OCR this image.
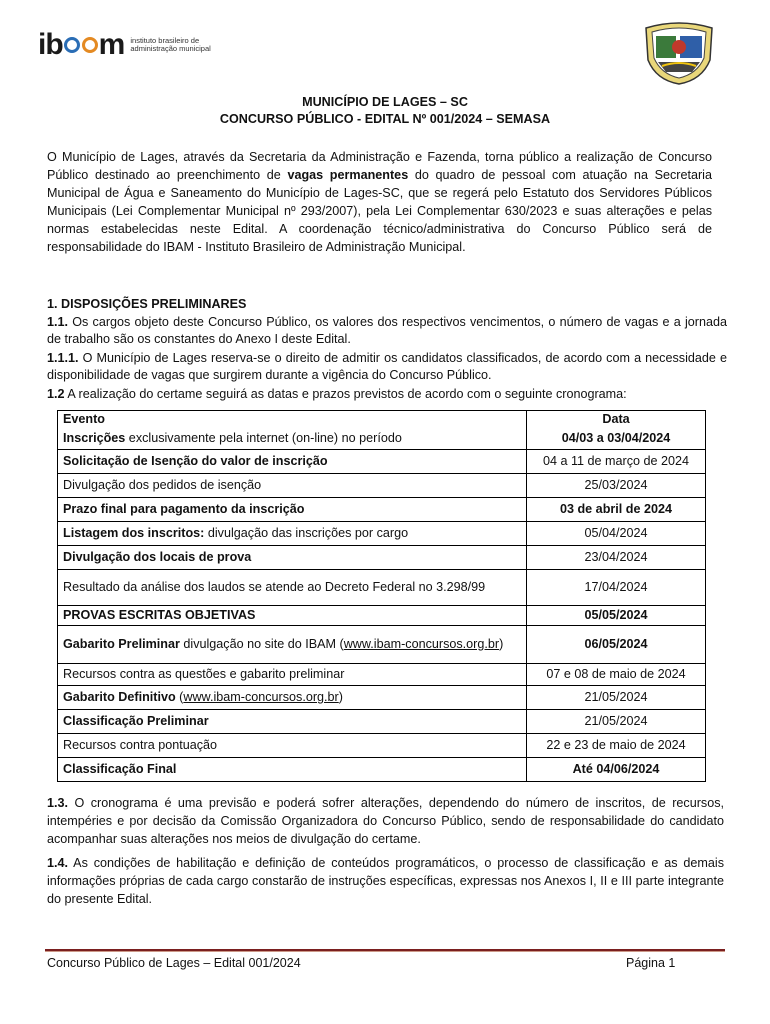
i b m instituto brasileiro de
administração municipal
MUNICÍPIO DE LAGES – SC
CONCURSO PÚBLICO - EDITAL Nº 001/2024 – SEMASA

O Município de Lages, através da Secretaria da Administração e Fazenda, torna público a realização de Concurso Público destinado ao preenchimento de vagas permanentes do quadro de pessoal com atuação na Secretaria Municipal de Água e Saneamento do Município de Lages-SC, que se regerá pelo Estatuto dos Servidores Públicos Municipais (Lei Complementar Municipal nº 293/2007), pela Lei Complementar 630/2023 e suas alterações e pelas normas estabelecidas neste Edital. A coordenação técnico/administrativa do Concurso Público será de responsabilidade do IBAM - Instituto Brasileiro de Administração Municipal.

1. DISPOSIÇÕES PRELIMINARES

1.1. Os cargos objeto deste Concurso Público, os valores dos respectivos vencimentos, o número de vagas e a jornada de trabalho são os constantes do Anexo I deste Edital.

1.1.1. O Município de Lages reserva-se o direito de admitir os candidatos classificados, de acordo com a necessidade e disponibilidade de vagas que surgirem durante a vigência do Concurso Público.

1.2 A realização do certame seguirá as datas e prazos previstos de acordo com o seguinte cronograma:

Evento	Data
Inscrições exclusivamente pela internet (on-line) no período	04/03 a 03/04/2024
Solicitação de Isenção do valor de inscrição	04 a 11 de março de 2024
Divulgação dos pedidos de isenção	25/03/2024
Prazo final para pagamento da inscrição	03 de abril de 2024
Listagem dos inscritos: divulgação das inscrições por cargo	05/04/2024
Divulgação dos locais de prova	23/04/2024
Resultado da análise dos laudos se atende ao Decreto Federal no 3.298/99	17/04/2024
PROVAS ESCRITAS OBJETIVAS	05/05/2024
Gabarito Preliminar divulgação no site do IBAM (www.ibam-concursos.org.br)	06/05/2024
Recursos contra as questões e gabarito preliminar	07 e 08 de maio de 2024
Gabarito Definitivo (www.ibam-concursos.org.br)	21/05/2024
Classificação Preliminar	21/05/2024
Recursos contra pontuação	22 e 23 de maio de 2024
Classificação Final	Até 04/06/2024

1.3. O cronograma é uma previsão e poderá sofrer alterações, dependendo do número de inscritos, de recursos, intempéries e por decisão da Comissão Organizadora do Concurso Público, sendo de responsabilidade do candidato acompanhar suas alterações nos meios de divulgação do certame.

1.4. As condições de habilitação e definição de conteúdos programáticos, o processo de classificação e as demais informações próprias de cada cargo constarão de instruções específicas, expressas nos Anexos I, II e III parte integrante do presente Edital.

Concurso Público de Lages – Edital 001/2024	Página 1
